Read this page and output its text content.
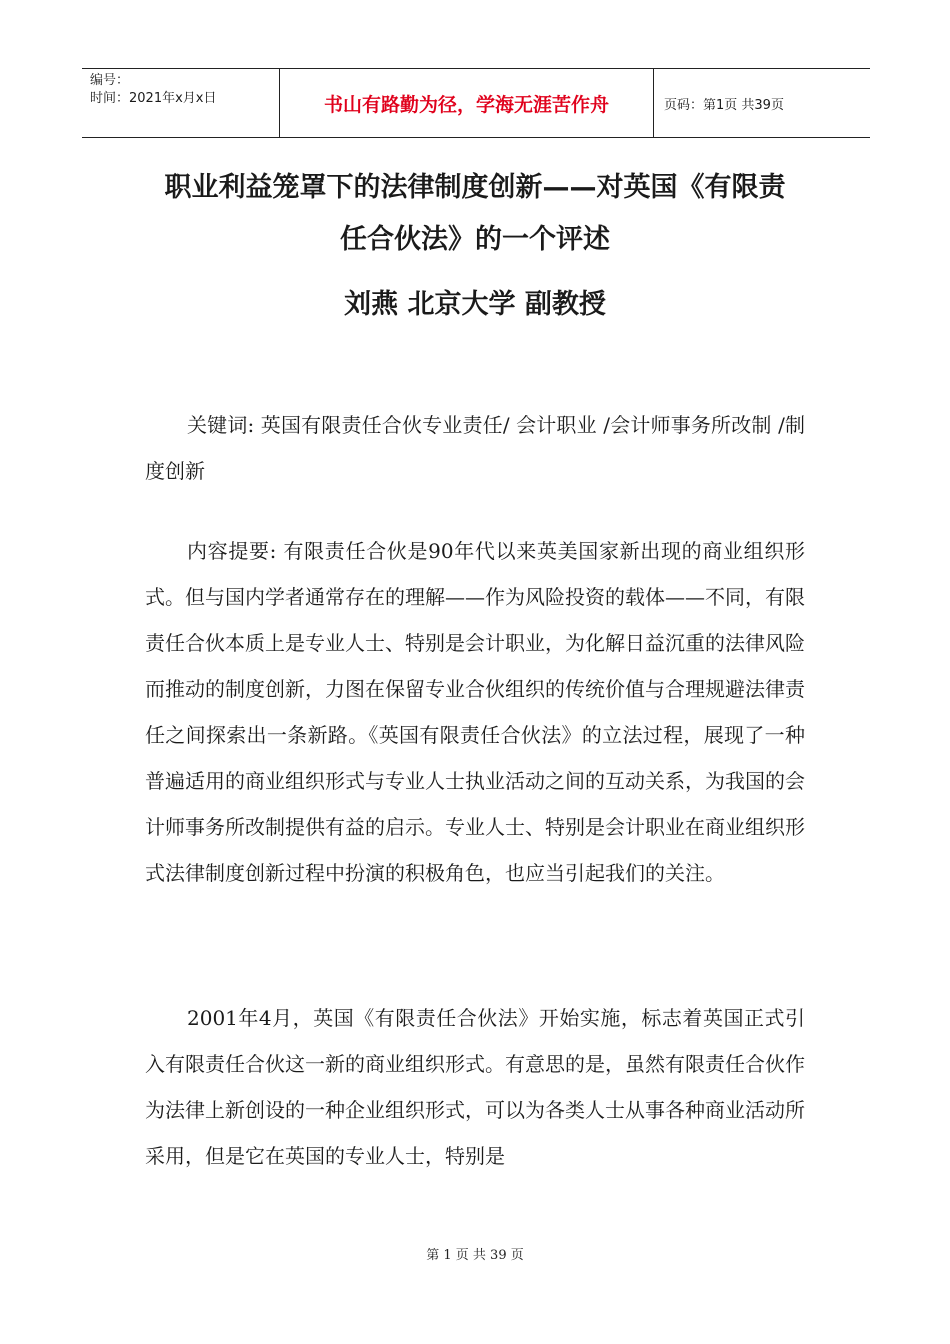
编号：
时间：2021年x月x日	书山有路勤为径，学海无涯苦作舟	页码：第1页 共39页
职业利益笼罩下的法律制度创新——对英国《有限责
任合伙法》的一个评述
刘燕 北京大学 副教授

关键词: 英国有限责任合伙专业责任/ 会计职业 /会计师事务所改制 /制度创新

内容提要: 有限责任合伙是90年代以来英美国家新出现的商业组织形式。但与国内学者通常存在的理解——作为风险投资的载体——不同，有限责任合伙本质上是专业人士、特别是会计职业，为化解日益沉重的法律风险而推动的制度创新，力图在保留专业合伙组织的传统价值与合理规避法律责任之间探索出一条新路。《英国有限责任合伙法》的立法过程，展现了一种普遍适用的商业组织形式与专业人士执业活动之间的互动关系，为我国的会计师事务所改制提供有益的启示。专业人士、特别是会计职业在商业组织形式法律制度创新过程中扮演的积极角色，也应当引起我们的关注。

2001年4月，英国《有限责任合伙法》开始实施，标志着英国正式引入有限责任合伙这一新的商业组织形式。有意思的是，虽然有限责任合伙作为法律上新创设的一种企业组织形式，可以为各类人士从事各种商业活动所采用，但是它在英国的专业人士，特别是

第 1 页 共 39 页
